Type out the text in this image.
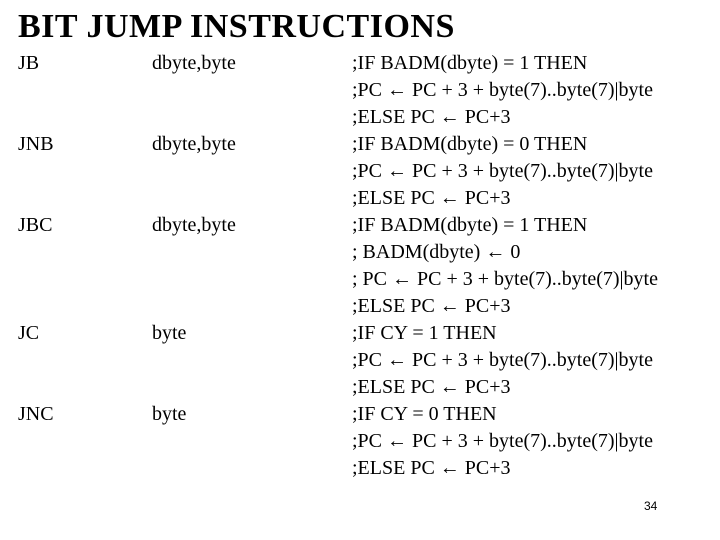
BIT JUMP INSTRUCTIONS
JB	dbyte,byte	;IF BADM(dbyte) = 1 THEN
;PC ← PC + 3 + byte(7)..byte(7)|byte
;ELSE PC ← PC+3
JNB	dbyte,byte	;IF BADM(dbyte) = 0 THEN
;PC ← PC + 3 + byte(7)..byte(7)|byte
;ELSE PC ← PC+3
JBC	dbyte,byte	;IF BADM(dbyte) = 1 THEN
; BADM(dbyte) ← 0
; PC ← PC + 3 + byte(7)..byte(7)|byte
;ELSE PC ← PC+3
JC	byte	;IF CY = 1 THEN
;PC ← PC + 3 + byte(7)..byte(7)|byte
;ELSE PC ← PC+3
JNC	byte	;IF CY = 0 THEN
;PC ← PC + 3 + byte(7)..byte(7)|byte
;ELSE PC ← PC+3
34
